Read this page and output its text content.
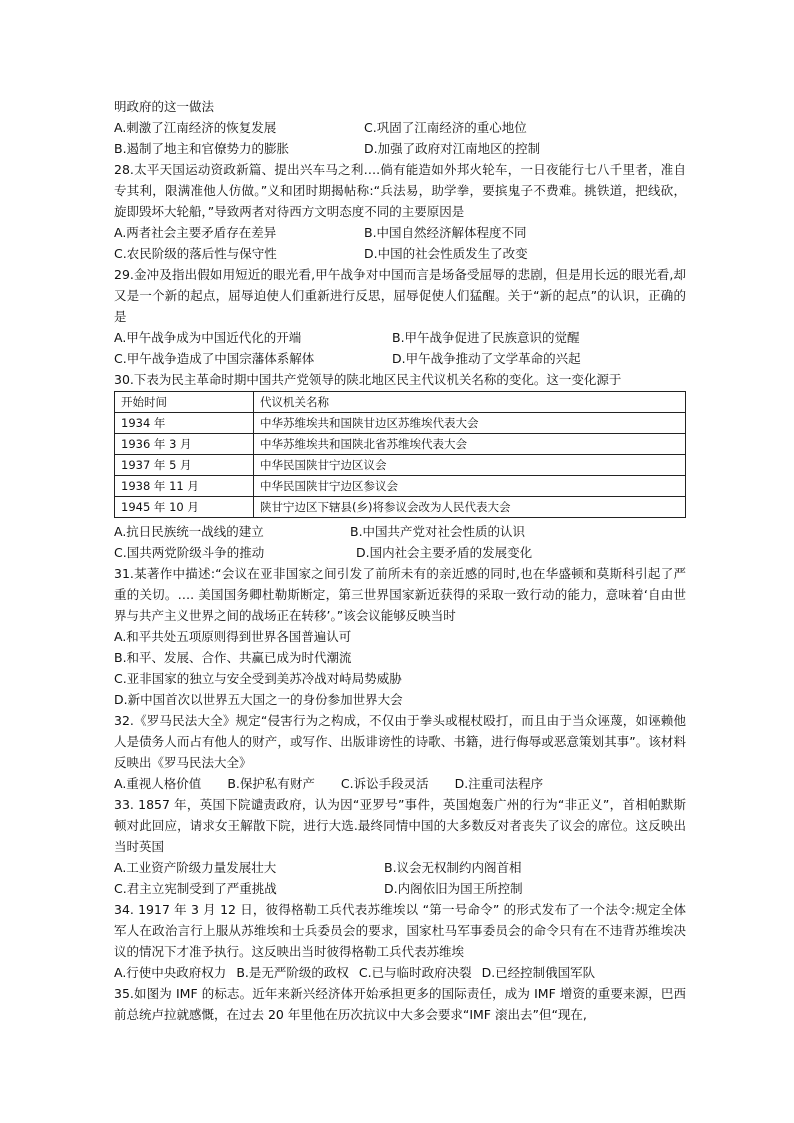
明政府的这一做法
A.刺激了江南经济的恢复发展	C.巩固了江南经济的重心地位
B.遏制了地主和官僚势力的膨胀	D.加强了政府对江南地区的控制
28.太平天国运动资政新篇、提出兴车马之利….倘有能造如外邦火轮车，一日夜能行七八千里者，准自专其利，限满准他人仿做。”义和团时期揭帖称:“兵法易，助学拳，要摈鬼子不费难。挑铁道，把线砍，旋即毁坏大轮船，”导致两者对待西方文明态度不同的主要原因是
A.两者社会主要矛盾存在差异	B.中国自然经济解体程度不同
C.农民阶级的落后性与保守性	D.中国的社会性质发生了改变
29.金冲及指出假如用短近的眼光看,甲午战争对中国而言是场备受屈辱的悲剧，但是用长远的眼光看,却又是一个新的起点，屈辱迫使人们重新进行反思，屈辱促使人们猛醒。关于“新的起点”的认识，正确的是
A.甲午战争成为中国近代化的开端	B.甲午战争促进了民族意识的觉醒
C.甲午战争造成了中国宗藩体系解体	D.甲午战争推动了文学革命的兴起
30.下表为民主革命时期中国共产党领导的陕北地区民主代议机关名称的变化。这一变化源于
开始时间	代议机关名称
1934 年	中华苏维埃共和国陕甘边区苏维埃代表大会
1936 年 3 月	中华苏维埃共和国陕北省苏维埃代表大会
1937 年 5 月	中华民国陕甘宁边区议会
1938 年 11 月	中华民国陕甘宁边区参议会
1945 年 10 月	陕甘宁边区下辖县(乡)将参议会改为人民代表大会
A.抗日民族统一战线的建立	B.中国共产党对社会性质的认识
C.国共两党阶级斗争的推动	D.国内社会主要矛盾的发展变化
31.某著作中描述:“会议在亚非国家之间引发了前所未有的亲近感的同时,也在华盛顿和莫斯科引起了严重的关切。…. 美国国务卿杜勒斯断定，第三世界国家新近获得的采取一致行动的能力，意味着‘自由世界与共产主义世界之间的战场正在转移’。”该会议能够反映当时
A.和平共处五项原则得到世界各国普遍认可
B.和平、发展、合作、共赢已成为时代潮流
C.亚非国家的独立与安全受到美苏冷战对峙局势威胁
D.新中国首次以世界五大国之一的身份参加世界大会
32.《罗马民法大全》规定“侵害行为之构成，不仅由于拳头或棍杖殴打，而且由于当众诬蔑，如诬赖他人是债务人而占有他人的财产，或写作、出版诽谤性的诗歌、书籍，进行侮辱或恶意策划其事”。该材料反映出《罗马民法大全》
A.重视人格价值 B.保护私有财产 C.诉讼手段灵活 D.注重司法程序
33. 1857 年，英国下院谴责政府，认为因“亚罗号”事件，英国炮轰广州的行为“非正义”，首相帕默斯顿对此回应，请求女王解散下院，进行大选.最终同情中国的大多数反对者丧失了议会的席位。这反映出当时英国
A.工业资产阶级力量发展壮大	B.议会无权制约内阁首相
C.君主立宪制受到了严重挑战	D.内阁依旧为国王所控制
34. 1917 年 3 月 12 日，彼得格勒工兵代表苏维埃以 “第一号命令” 的形式发布了一个法令:规定全体军人在政治言行上服从苏维埃和士兵委员会的要求，国家杜马军事委员会的命令只有在不违背苏维埃决议的情况下才准予执行。这反映出当时彼得格勒工兵代表苏维埃
A.行使中央政府权力 B.是无严阶级的政权 C.已与临时政府决裂 D.已经控制俄国军队
35.如图为 IMF 的标志。近年来新兴经济体开始承担更多的国际责任，成为 IMF 增资的重要来源，巴西前总统卢拉就感慨，在过去 20 年里他在历次抗议中大多会要求“IMF 滚出去”但“现在,
